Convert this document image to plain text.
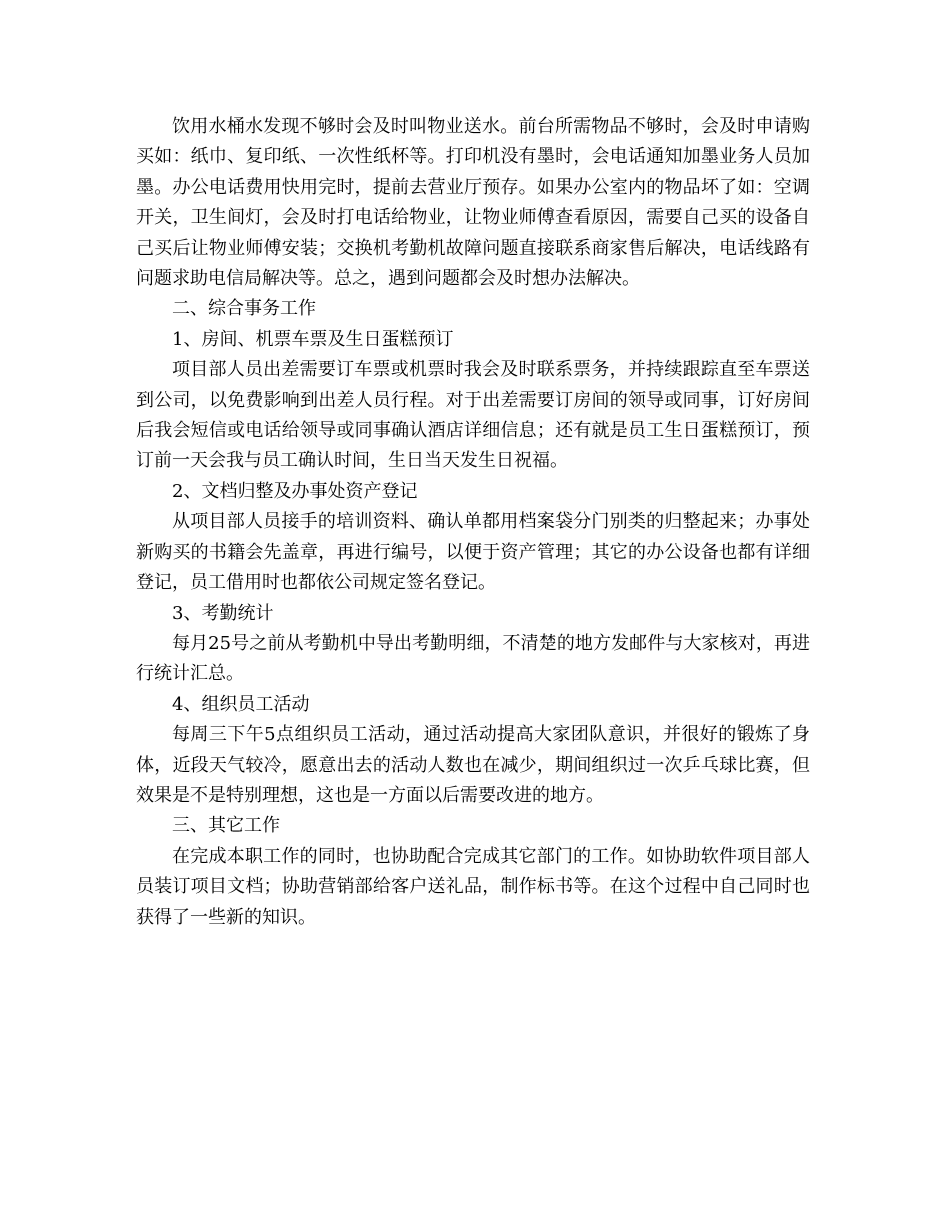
饮用水桶水发现不够时会及时叫物业送水。前台所需物品不够时，会及时申请购买如：纸巾、复印纸、一次性纸杯等。打印机没有墨时，会电话通知加墨业务人员加墨。办公电话费用快用完时，提前去营业厅预存。如果办公室内的物品坏了如：空调开关，卫生间灯，会及时打电话给物业，让物业师傅查看原因，需要自己买的设备自己买后让物业师傅安装；交换机考勤机故障问题直接联系商家售后解决，电话线路有问题求助电信局解决等。总之，遇到问题都会及时想办法解决。

二、综合事务工作

1、房间、机票车票及生日蛋糕预订

项目部人员出差需要订车票或机票时我会及时联系票务，并持续跟踪直至车票送到公司，以免费影响到出差人员行程。对于出差需要订房间的领导或同事，订好房间后我会短信或电话给领导或同事确认酒店详细信息；还有就是员工生日蛋糕预订，预订前一天会我与员工确认时间，生日当天发生日祝福。

2、文档归整及办事处资产登记

从项目部人员接手的培训资料、确认单都用档案袋分门别类的归整起来；办事处新购买的书籍会先盖章，再进行编号，以便于资产管理；其它的办公设备也都有详细登记，员工借用时也都依公司规定签名登记。

3、考勤统计

每月25号之前从考勤机中导出考勤明细，不清楚的地方发邮件与大家核对，再进行统计汇总。

4、组织员工活动

每周三下午5点组织员工活动，通过活动提高大家团队意识，并很好的锻炼了身体，近段天气较冷，愿意出去的活动人数也在减少，期间组织过一次乒乓球比赛，但效果是不是特别理想，这也是一方面以后需要改进的地方。

三、其它工作

在完成本职工作的同时，也协助配合完成其它部门的工作。如协助软件项目部人员装订项目文档；协助营销部给客户送礼品，制作标书等。在这个过程中自己同时也获得了一些新的知识。
